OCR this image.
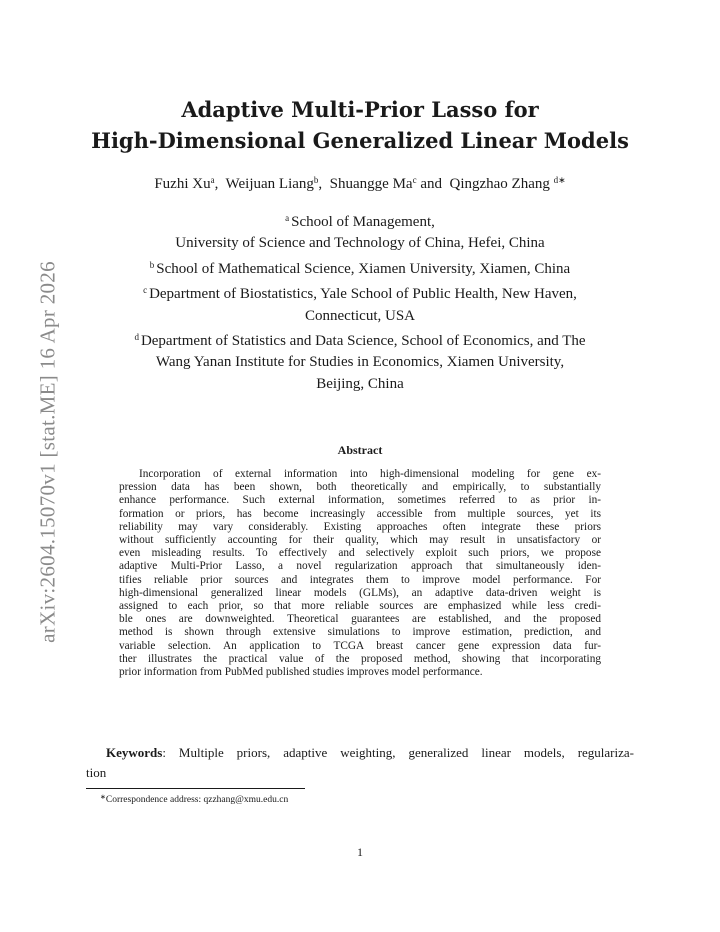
arXiv:2604.15070v1 [stat.ME] 16 Apr 2026
Adaptive Multi-Prior Lasso for
High-Dimensional Generalized Linear Models
Fuzhi Xu$^a$,  Weijuan Liang$^b$,  Shuangge Ma$^c$ and  Qingzhao Zhang $^{d∗}$
$^a$ School of Management,
University of Science and Technology of China, Hefei, China
$^b$ School of Mathematical Science, Xiamen University, Xiamen, China
$^c$ Department of Biostatistics, Yale School of Public Health, New Haven,
Connecticut, USA
$^d$ Department of Statistics and Data Science, School of Economics, and The
Wang Yanan Institute for Studies in Economics, Xiamen University,
Beijing, China
Abstract
Incorporation of external information into high-dimensional modeling for gene ex-
pression data has been shown, both theoretically and empirically, to substantially
enhance performance. Such external information, sometimes referred to as prior in-
formation or priors, has become increasingly accessible from multiple sources, yet its
reliability may vary considerably. Existing approaches often integrate these priors
without sufficiently accounting for their quality, which may result in unsatisfactory or
even misleading results. To effectively and selectively exploit such priors, we propose
adaptive Multi-Prior Lasso, a novel regularization approach that simultaneously iden-
tifies reliable prior sources and integrates them to improve model performance. For
high-dimensional generalized linear models (GLMs), an adaptive data-driven weight is
assigned to each prior, so that more reliable sources are emphasized while less credi-
ble ones are downweighted. Theoretical guarantees are established, and the proposed
method is shown through extensive simulations to improve estimation, prediction, and
variable selection. An application to TCGA breast cancer gene expression data fur-
ther illustrates the practical value of the proposed method, showing that incorporating
prior information from PubMed published studies improves model performance.
Keywords: Multiple priors, adaptive weighting, generalized linear models, regulariza-
tion
∗Correspondence address: qzzhang@xmu.edu.cn
1
